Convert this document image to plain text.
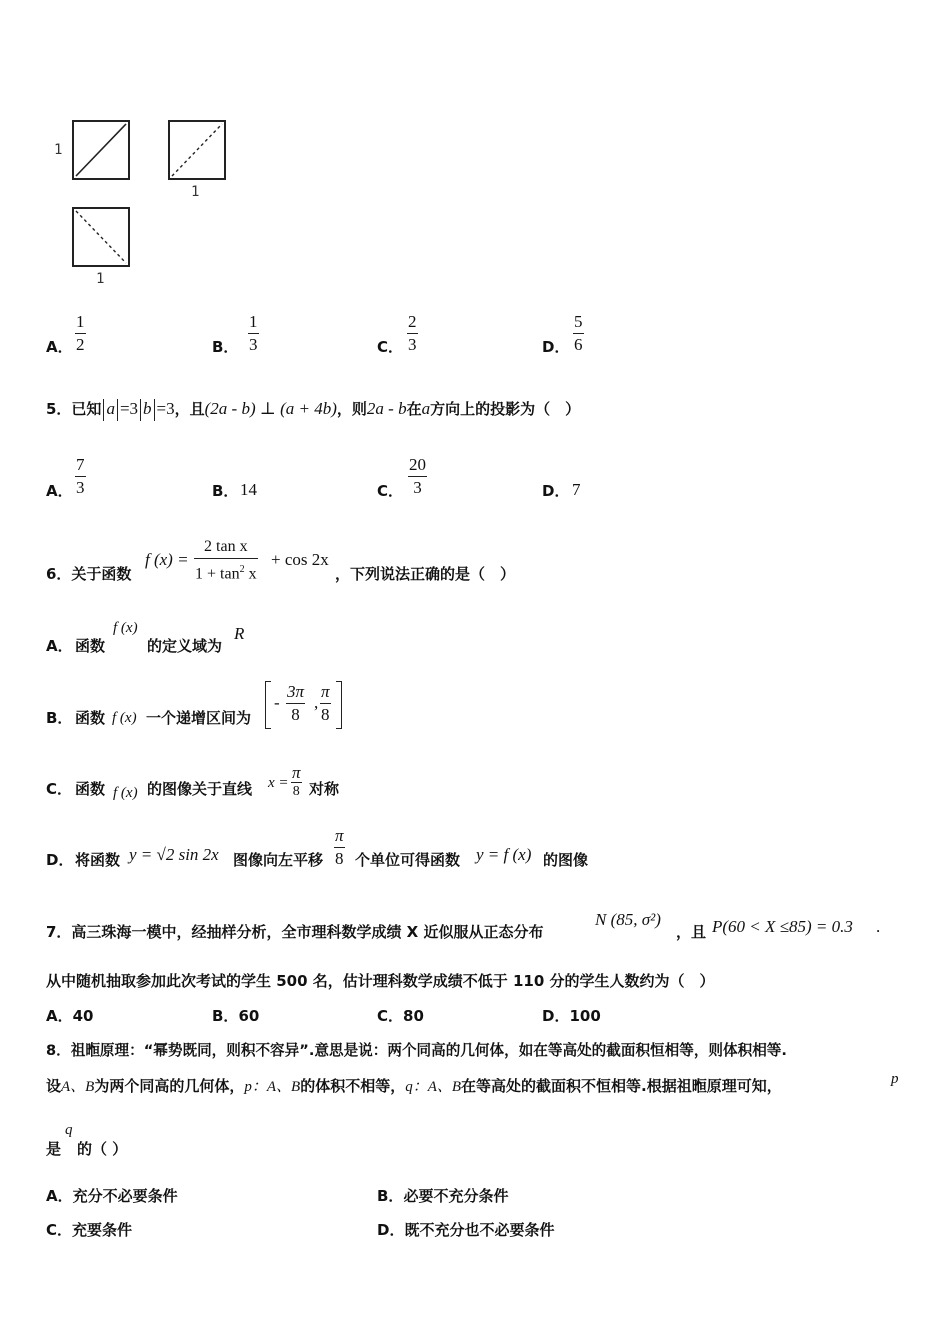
1
1
1
A．
1
2	B．
1
3	C．
2
3	D．
5
6
5．已知 a =3 b =3，且(2a - b) ⊥ (a + 4b)，则2a - b在a方向上的投影为（　）
A．
7
3	B． 14	C．
20
3	D． 7
6．关于函数
f (x) =
2 tan x
$1 + \tan^2 x$
+ cos 2x
，下列说法正确的是（　）
A． 函数
f (x)
的定义域为
R
B． 函数 f (x) 一个递增区间为
-
3π
8
,
π
8
C． 函数 f (x) 的图像关于直线 x =
π
8 对称
D． 将函数 y = √2 sin 2x 图像向左平移
π
8 个单位可得函数 y = f (x) 的图像
7．高三珠海一模中，经抽样分析，全市理科数学成绩 X 近似服从正态分布
N (85, σ²)
，且 P(60 < X ≤85) = 0.3 .
从中随机抽取参加此次考试的学生 500 名，估计理科数学成绩不低于 110 分的学生人数约为（　）
A．40	B．60	C．80	D．100
8．祖暅原理：“幂势既同，则积不容异”.意思是说：两个同高的几何体，如在等高处的截面积恒相等，则体积相等.
设A、B为两个同高的几何体，p：A、B的体积不相等，q：A、B在等高处的截面积不恒相等.根据祖暅原理可知，	p
是
q
的（ ）
A．充分不必要条件	B．必要不充分条件
C．充要条件	D．既不充分也不必要条件
